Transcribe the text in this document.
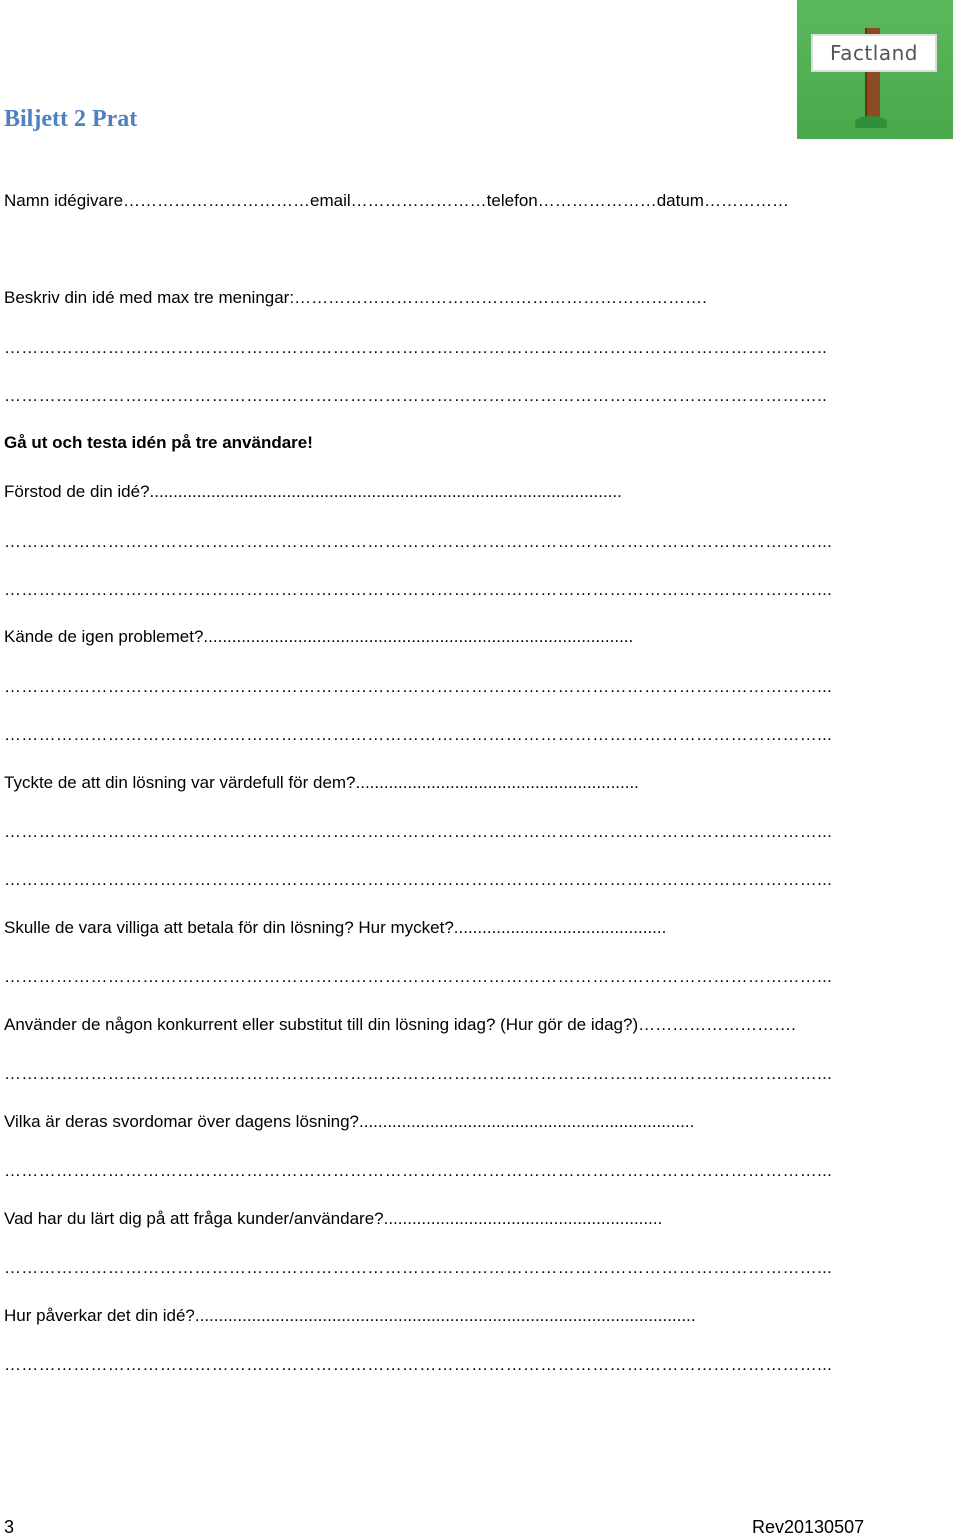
Factland
Biljett 2 Prat

Namn idégivare……………………………email……………………telefon…………………datum……………

Beskriv din idé med max tre meningar:……………………………………………………………….

……………………………………………………………………………………………………………………………..

……………………………………………………………………………………………………………………………..

Gå ut och testa idén på tre användare!

Förstod de din idé?....................................................................................................

……………………………………………………………………………………………………………………………...

……………………………………………………………………………………………………………………………...

Kände de igen problemet?...........................................................................................

……………………………………………………………………………………………………………………………...

……………………………………………………………………………………………………………………………...

Tyckte de att din lösning var värdefull för dem?............................................................

……………………………………………………………………………………………………………………………...

……………………………………………………………………………………………………………………………...

Skulle de vara villiga att betala för din lösning? Hur mycket?.............................................

……………………………………………………………………………………………………………………………...

Använder de någon konkurrent eller substitut till din lösning idag? (Hur gör de idag?)……………………….

……………………………………………………………………………………………………………………………...

Vilka är deras svordomar över dagens lösning?.......................................................................

……………………………………………………………………………………………………………………………...

Vad har du lärt dig på att fråga kunder/användare?...........................................................

……………………………………………………………………………………………………………………………...

Hur påverkar det din idé?..........................................................................................................

……………………………………………………………………………………………………………………………...

3	Rev20130507
